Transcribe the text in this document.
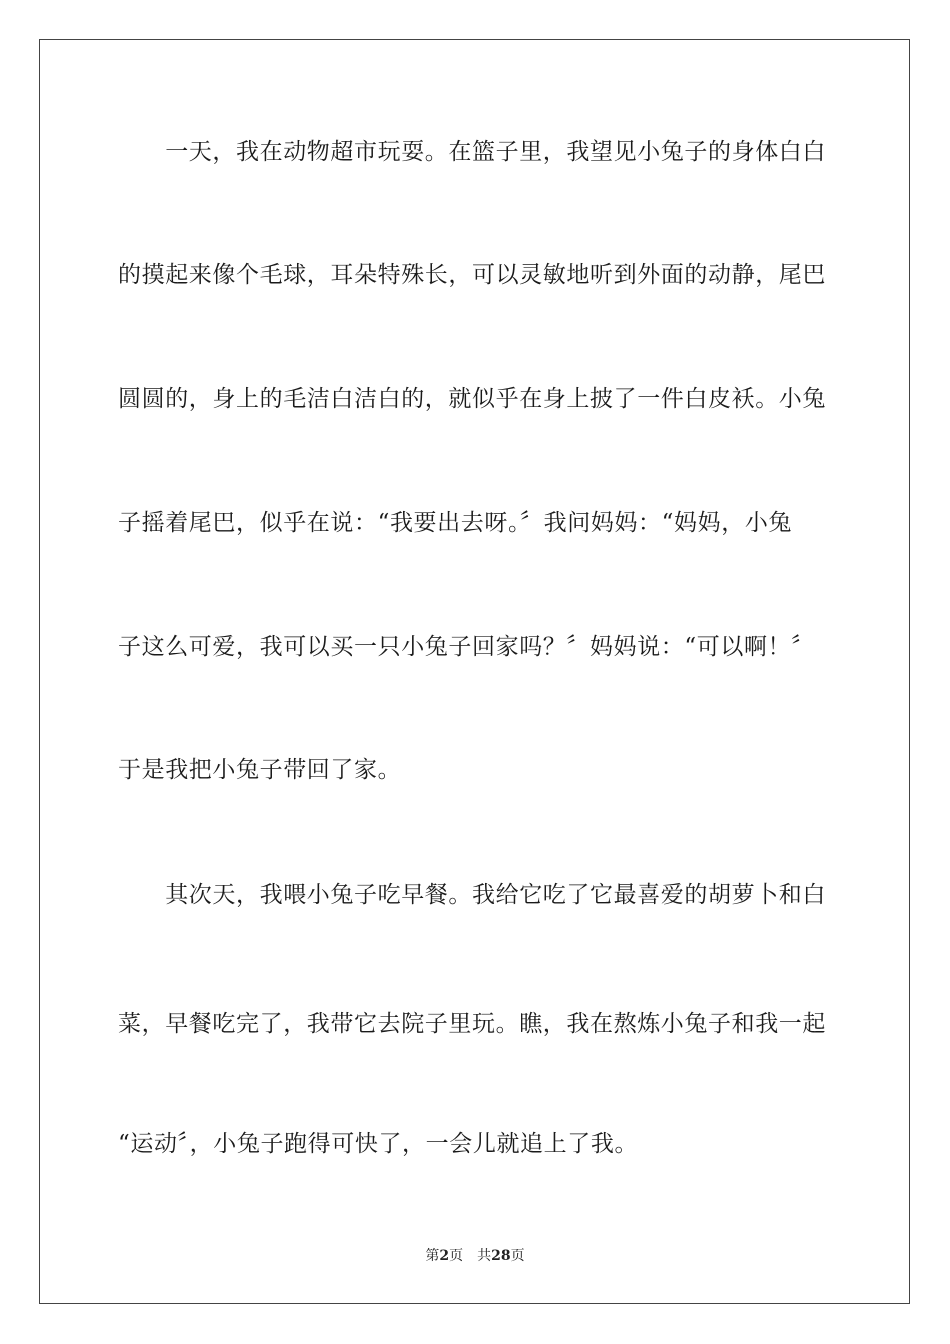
　　一天，我在动物超市玩耍。在篮子里，我望见小兔子的身体白白
的摸起来像个毛球，耳朵特殊长，可以灵敏地听到外面的动静，尾巴
圆圆的，身上的毛洁白洁白的，就似乎在身上披了一件白皮袄。小兔
子摇着尾巴，似乎在说：“我要出去呀。〞我问妈妈：“妈妈，小兔
子这么可爱，我可以买一只小兔子回家吗？〞妈妈说：“可以啊！〞
于是我把小兔子带回了家。
　　其次天，我喂小兔子吃早餐。我给它吃了它最喜爱的胡萝卜和白
菜，早餐吃完了，我带它去院子里玩。瞧，我在熬炼小兔子和我一起
“运动〞，小兔子跑得可快了，一会儿就追上了我。
第2页 共28页
